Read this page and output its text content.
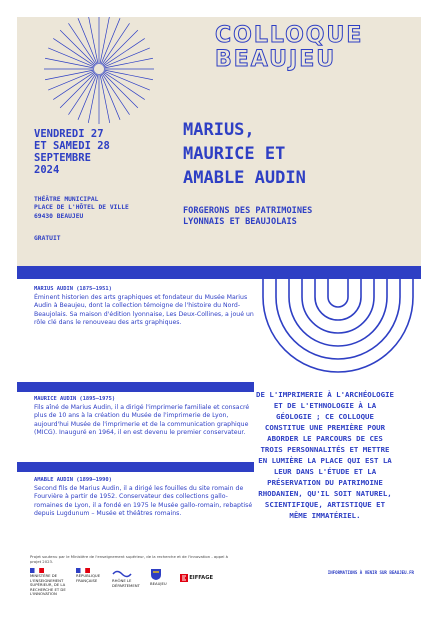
COLLOQUE
BEAUJEU
VENDREDI 27
ET SAMEDI 28
SEPTEMBRE
2024
THÉÂTRE MUNICIPAL
PLACE DE L'HÔTEL DE VILLE
69430 BEAUJEU
GRATUIT
MARIUS,
MAURICE ET
AMABLE AUDIN
FORGERONS DES PATRIMOINES
LYONNAIS ET BEAUJOLAIS
MARIUS AUDIN (1875–1951)
Éminent historien des arts graphiques et fondateur du Musée Marius Audin à Beaujeu, dont la collection témoigne de l'histoire du Nord-Beaujolais. Sa maison d'édition lyonnaise, Les Deux-Collines, a joué un rôle clé dans le renouveau des arts graphiques.
MAURICE AUDIN (1895–1975)
Fils aîné de Marius Audin, il a dirigé l'imprimerie familiale et consacré plus de 10 ans à la création du Musée de l'imprimerie de Lyon, aujourd'hui Musée de l'imprimerie et de la communication graphique (MICG). Inauguré en 1964, il en est devenu le premier conservateur.
AMABLE AUDIN (1899–1990)
Second fils de Marius Audin, il a dirigé les fouilles du site romain de Fourvière à partir de 1952. Conservateur des collections gallo-romaines de Lyon, il a fondé en 1975 le Musée gallo-romain, rebaptisé depuis Lugdunum – Musée et théâtres romains.
DE L'IMPRIMERIE À L'ARCHÉOLOGIE ET DE L'ETHNOLOGIE À LA GÉOLOGIE ; CE COLLOQUE CONSTITUE UNE PREMIÈRE POUR ABORDER LE PARCOURS DE CES TROIS PERSONNALITÉS ET METTRE EN LUMIÈRE LA PLACE QUI EST LA LEUR DANS L'ÉTUDE ET LA PRÉSERVATION DU PATRIMOINE RHODANIEN, QU'IL SOIT NATUREL, SCIENTIFIQUE, ARTISTIQUE ET MÊME IMMATÉRIEL.
Projet soutenu par le Ministère de l'enseignement supérieur, de la recherche et de l'innovation - appel à projet 2023.
MINISTÈRE DE L'ENSEIGNEMENT SUPÉRIEUR, DE LA RECHERCHE ET DE L'INNOVATION
RÉPUBLIQUE FRANÇAISE	RHÔNE LE DÉPARTEMENT	BEAUJEU
EIFFAGE
INFORMATIONS À VENIR SUR BEAUJEU.FR
